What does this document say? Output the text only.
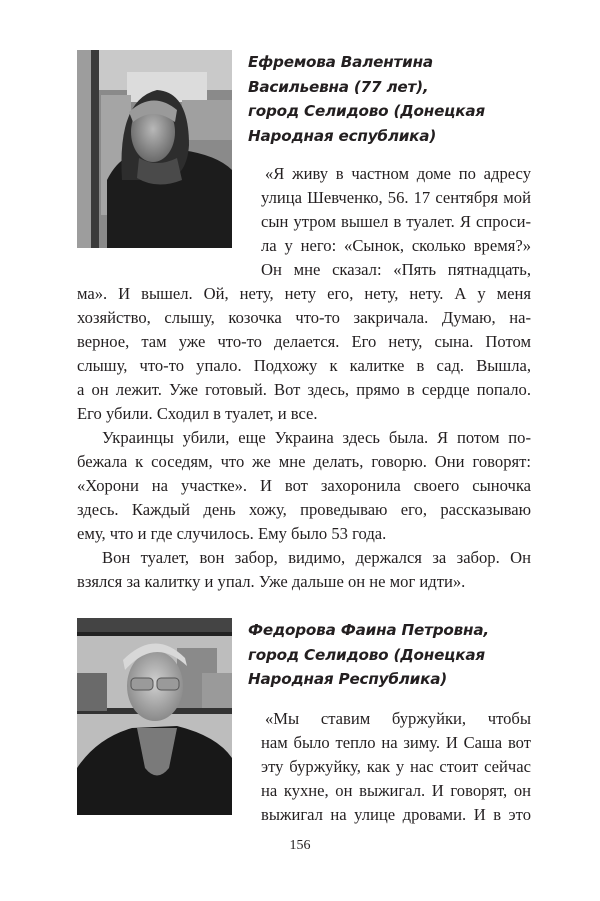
Ефремова Валентина
Васильевна (77 лет),
город Селидово (Донецкая
Народная еспублика)
«Я живу в частном доме по адресу
улица Шевченко, 56. 17 сентября мой
сын утром вышел в туалет. Я спроси-
ла у него: «Сынок, сколько время?»
Он мне сказал: «Пять пятнадцать,
ма». И вышел. Ой, нету, нету его, нету, нету. А у меня
хозяйство, слышу, козочка что-то закричала. Думаю, на-
верное, там уже что-то делается. Его нету, сына. Потом
слышу, что-то упало. Подхожу к калитке в сад. Вышла,
а он лежит. Уже готовый. Вот здесь, прямо в сердце попало.
Его убили. Сходил в туалет, и все.
Украинцы убили, еще Украина здесь была. Я потом по-
бежала к соседям, что же мне делать, говорю. Они говорят:
«Хорони на участке». И вот захоронила своего сыночка
здесь. Каждый день хожу, проведываю его, рассказываю
ему, что и где случилось. Ему было 53 года.
Вон туалет, вон забор, видимо, держался за забор. Он
взялся за калитку и упал. Уже дальше он не мог идти».
Федорова Фаина Петровна,
город Селидово (Донецкая
Народная Республика)
«Мы ставим буржуйки, чтобы
нам было тепло на зиму. И Саша вот
эту буржуйку, как у нас стоит сейчас
на кухне, он выжигал. И говорят, он
выжигал на улице дровами. И в это
156
